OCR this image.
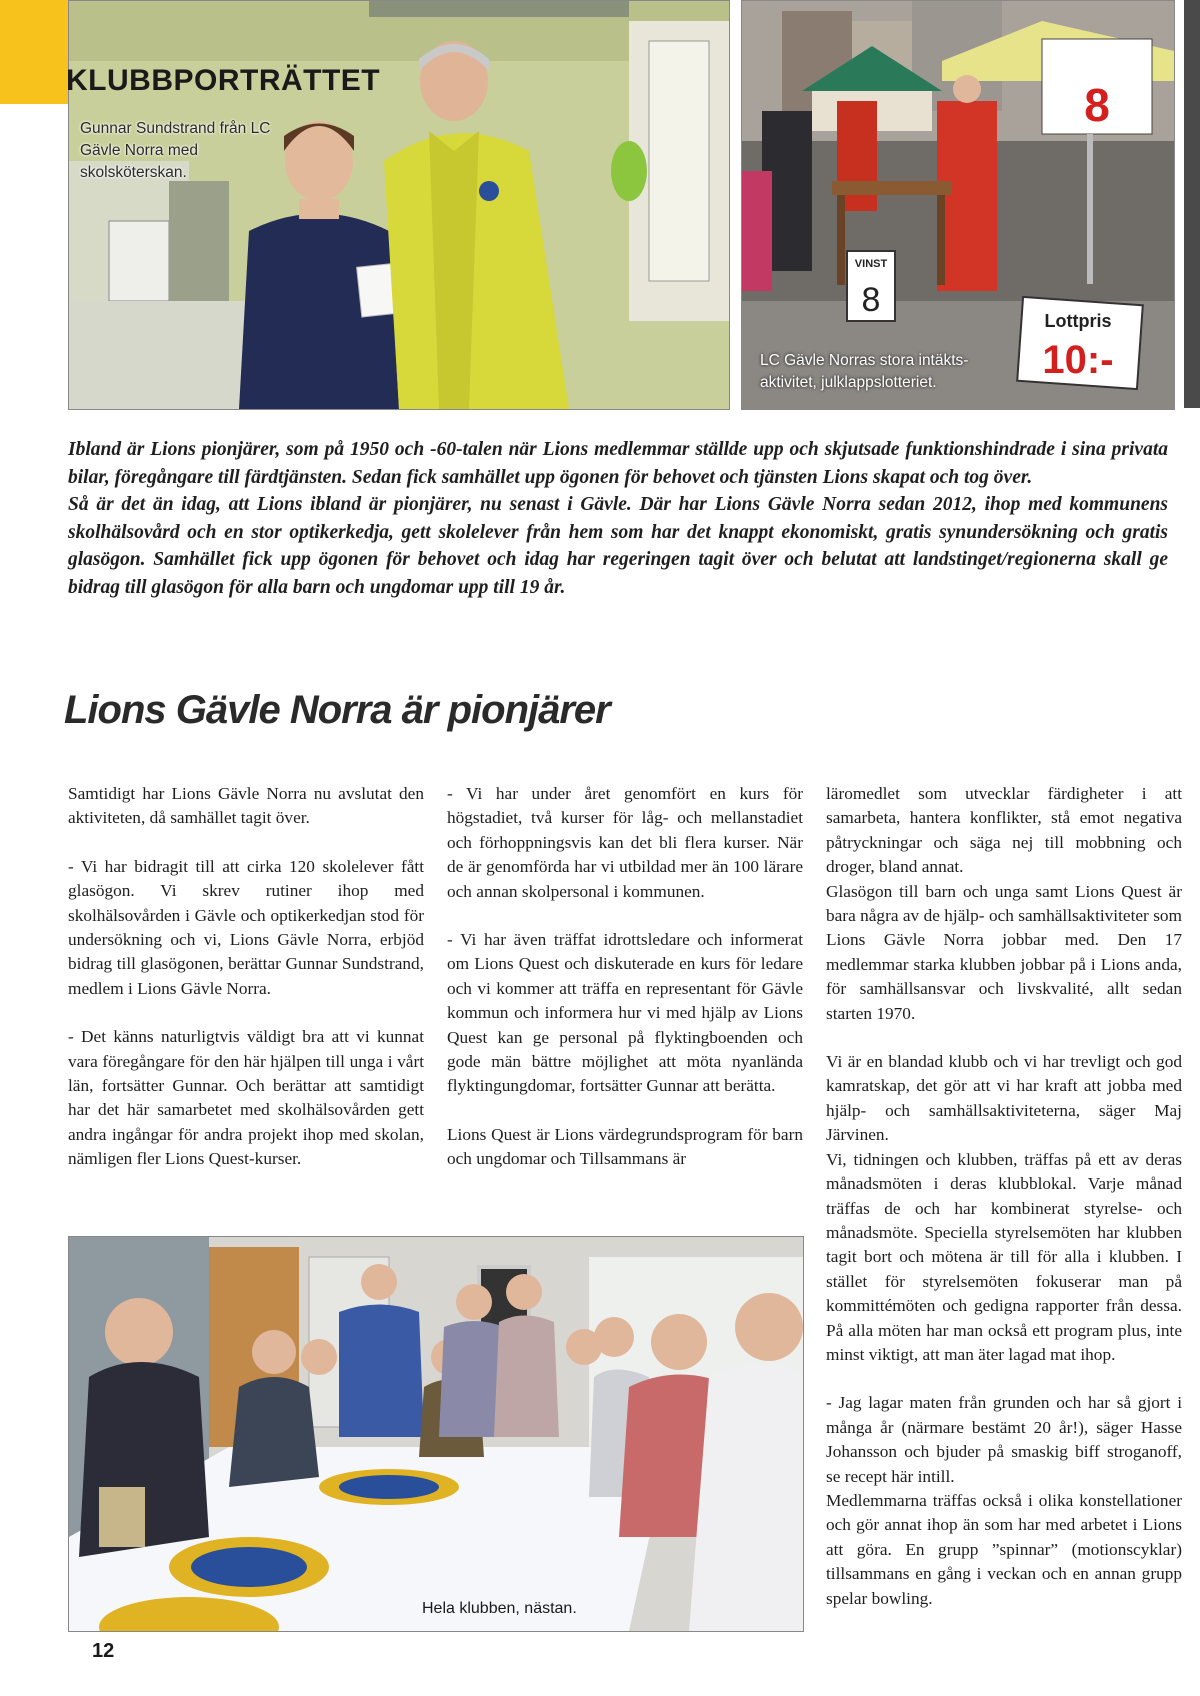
KLUBBPORTRÄTTET
Gunnar Sundstrand från LC Gävle Norra med skolsköterskan.
8
VINST
8
Lottpris
10:-
LC Gävle Norras stora intäkts-aktivitet, julklappslotteriet.

Ibland är Lions pionjärer, som på 1950 och -60-talen när Lions medlemmar ställde upp och skjutsade funktionshindrade i sina privata bilar, föregångare till färdtjänsten. Sedan fick samhället upp ögonen för behovet och tjänsten Lions skapat och tog över.

Så är det än idag, att Lions ibland är pionjärer, nu senast i Gävle. Där har Lions Gävle Norra sedan 2012, ihop med kommunens skolhälsovård och en stor optikerkedja, gett skolelever från hem som har det knappt ekonomiskt, gratis synundersökning och gratis glasögon. Samhället fick upp ögonen för behovet och idag har regeringen tagit över och belutat att landstinget/regionerna skall ge bidrag till glasögon för alla barn och ungdomar upp till 19 år.

Lions Gävle Norra är pionjärer

Samtidigt har Lions Gävle Norra nu avslutat den aktiviteten, då samhället tagit över.

- Vi har bidragit till att cirka 120 skolelever fått glasögon. Vi skrev rutiner ihop med skolhälsovården i Gävle och optikerkedjan stod för undersökning och vi, Lions Gävle Norra, erbjöd bidrag till glasögonen, berättar Gunnar Sundstrand, medlem i Lions Gävle Norra.

- Det känns naturligtvis väldigt bra att vi kunnat vara föregångare för den här hjälpen till unga i vårt län, fortsätter Gunnar. Och berättar att samtidigt har det här samarbetet med skolhälsovården gett andra ingångar för andra projekt ihop med skolan, nämligen fler Lions Quest-kurser.

- Vi har under året genomfört en kurs för högstadiet, två kurser för låg- och mellanstadiet och förhoppningsvis kan det bli flera kurser. När de är genomförda har vi utbildad mer än 100 lärare och annan skolpersonal i kommunen.

- Vi har även träffat idrottsledare och informerat om Lions Quest och diskuterade en kurs för ledare och vi kommer att träffa en representant för Gävle kommun och informera hur vi med hjälp av Lions Quest kan ge personal på flyktingboenden och gode män bättre möjlighet att möta nyanlända flyktingungdomar, fortsätter Gunnar att berätta.

Lions Quest är Lions värdegrundsprogram för barn och ungdomar och Tillsammans är

läromedlet som utvecklar färdigheter i att samarbeta, hantera konflikter, stå emot negativa påtryckningar och säga nej till mobbning och droger, bland annat.

Glasögon till barn och unga samt Lions Quest är bara några av de hjälp- och samhällsaktiviteter som Lions Gävle Norra jobbar med. Den 17 medlemmar starka klubben jobbar på i Lions anda, för samhällsansvar och livskvalité, allt sedan starten 1970.

Vi är en blandad klubb och vi har trevligt och god kamratskap, det gör att vi har kraft att jobba med hjälp- och samhällsaktiviteterna, säger Maj Järvinen.

Vi, tidningen och klubben, träffas på ett av deras månadsmöten i deras klubblokal. Varje månad träffas de och har kombinerat styrelse- och månadsmöte. Speciella styrelsemöten har klubben tagit bort och mötena är till för alla i klubben. I stället för styrelsemöten fokuserar man på kommittémöten och gedigna rapporter från dessa. På alla möten har man också ett program plus, inte minst viktigt, att man äter lagad mat ihop.

- Jag lagar maten från grunden och har så gjort i många år (närmare bestämt 20 år!), säger Hasse Johansson och bjuder på smaskig biff stroganoff, se recept här intill.

Medlemmarna träffas också i olika konstellationer och gör annat ihop än som har med arbetet i Lions att göra. En grupp ”spinnar” (motionscyklar) tillsammans en gång i veckan och en annan grupp spelar bowling.

Hela klubben, nästan.
12
